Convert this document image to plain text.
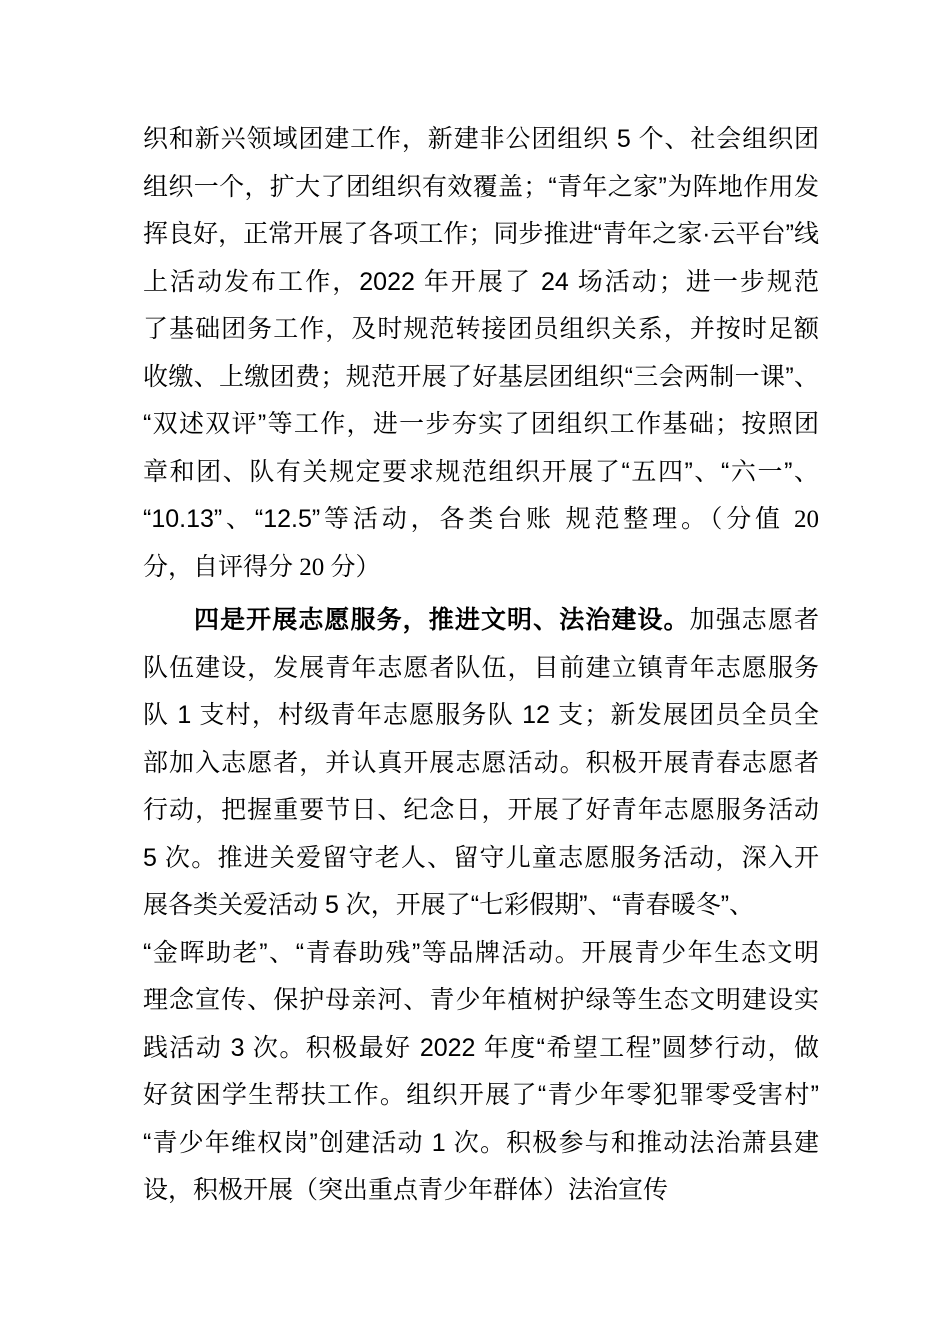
织和新兴领域团建工作，新建非公团组织 5 个、社会组织团
组织一个，扩大了团组织有效覆盖；“青年之家”为阵地作用发
挥良好，正常开展了各项工作；同步推进“青年之家·云平台”线
上活动发布工作，2022 年开展了 24 场活动；进一步规范
了基础团务工作，及时规范转接团员组织关系，并按时足额
收缴、上缴团费；规范开展了好基层团组织“三会两制一课”、
“双述双评”等工作，进一步夯实了团组织工作基础；按照团
章和团、队有关规定要求规范组织开展了“五四”、“六一”、
“10.13”、“12.5”等活动，各类台账 规范整理。（分值 20
分，自评得分 20 分）
四是开展志愿服务，推进文明、法治建设。加强志愿者
队伍建设，发展青年志愿者队伍，目前建立镇青年志愿服务
队 1 支村，村级青年志愿服务队 12 支；新发展团员全员全
部加入志愿者，并认真开展志愿活动。积极开展青春志愿者
行动，把握重要节日、纪念日，开展了好青年志愿服务活动
5 次。推进关爱留守老人、留守儿童志愿服务活动，深入开
展各类关爱活动 5 次，开展了“七彩假期”、“青春暖冬”、
“金晖助老”、“青春助残”等品牌活动。开展青少年生态文明
理念宣传、保护母亲河、青少年植树护绿等生态文明建设实
践活动 3 次。积极最好 2022 年度“希望工程”圆梦行动，做
好贫困学生帮扶工作。组织开展了“青少年零犯罪零受害村”
“青少年维权岗”创建活动 1 次。积极参与和推动法治萧县建
设，积极开展（突出重点青少年群体）法治宣传
